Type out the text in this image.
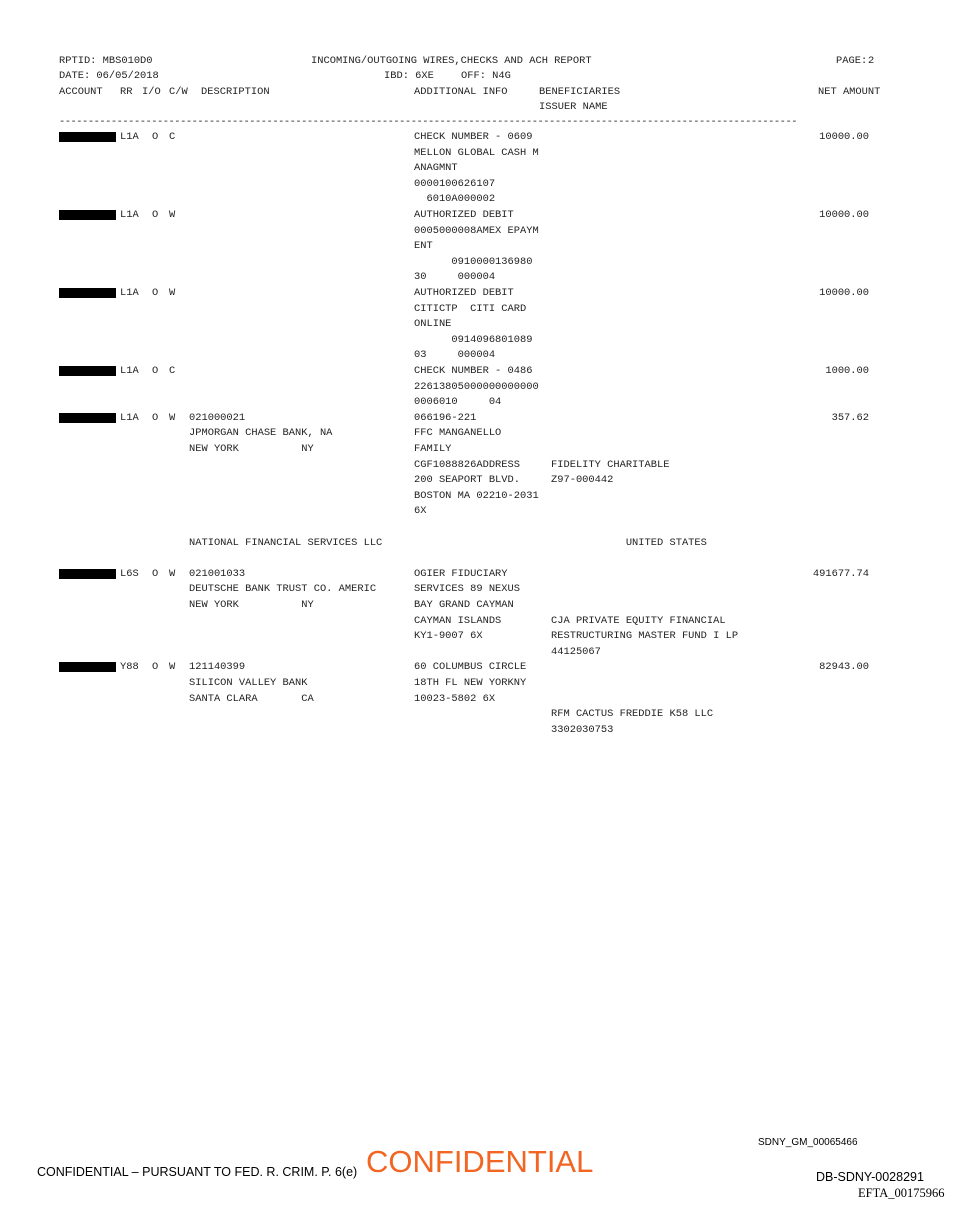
RPTID: MBS010D0	INCOMING/OUTGOING WIRES,CHECKS AND ACH REPORT	PAGE: 2
DATE: 06/05/2018	IBD: 6XE	OFF: N4G
ACCOUNT RR I/O C/W DESCRIPTION	ADDITIONAL INFO	BENEFICIARIES	NET AMOUNT
ISSUER NAME
--------------------------------------------------------------------------------------------------------------------------------
L1A O C	CHECK NUMBER - 0609	10000.00
MELLON GLOBAL CASH M
ANAGMNT
0000100626107
6010A000002
L1A O W	AUTHORIZED DEBIT	10000.00
0005000008AMEX EPAYM
ENT
0910000136980
30     000004
L1A O W	AUTHORIZED DEBIT	10000.00
CITICTP  CITI CARD
ONLINE
0914096801089
03     000004
L1A O C	CHECK NUMBER - 0486	1000.00
22613805000000000000
0006010     04
L1A O W 021000021	066196-221	357.62
JPMORGAN CHASE BANK, NA	FFC MANGANELLO
NEW YORK          NY	FAMILY
CGF1088826ADDRESS	FIDELITY CHARITABLE
200 SEAPORT BLVD.	Z97-000442
BOSTON MA 02210-2031
6X
NATIONAL FINANCIAL SERVICES LLC	UNITED STATES
L6S O W 021001033	OGIER FIDUCIARY	491677.74
DEUTSCHE BANK TRUST CO. AMERIC	SERVICES 89 NEXUS
NEW YORK          NY	BAY GRAND CAYMAN
CAYMAN ISLANDS	CJA PRIVATE EQUITY FINANCIAL
KY1-9007 6X	RESTRUCTURING MASTER FUND I LP
44125067
Y88 O W 121140399	60 COLUMBUS CIRCLE	82943.00
SILICON VALLEY BANK	18TH FL NEW YORKNY
SANTA CLARA       CA	10023-5802 6X
RFM CACTUS FREDDIE K58 LLC
3302030753
SDNY_GM_00065466
CONFIDENTIAL – PURSUANT TO FED. R. CRIM. P. 6(e) CONFIDENTIAL	DB-SDNY-0028291
EFTA_00175966
